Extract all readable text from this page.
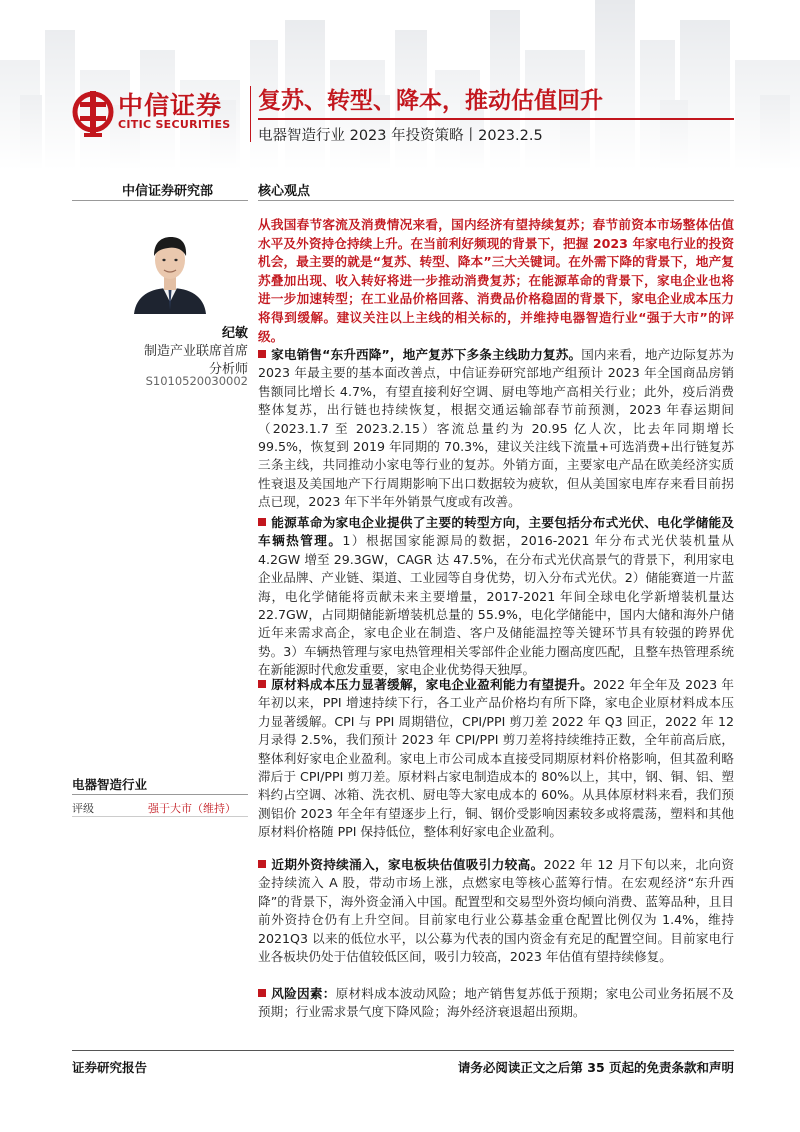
中信证券
CITIC SECURITIES
复苏、转型、降本，推动估值回升
电器智造行业 2023 年投资策略丨2023.2.5
中信证券研究部	核心观点
纪敏
制造产业联席首席
分析师
S1010520030002

从我国春节客流及消费情况来看，国内经济有望持续复苏；春节前资本市场整体估值水平及外资持仓持续上升。在当前利好频现的背景下，把握 2023 年家电行业的投资机会，最主要的就是“复苏、转型、降本”三大关键词。在外需下降的背景下，地产复苏叠加出现、收入转好将进一步推动消费复苏；在能源革命的背景下，家电企业也将进一步加速转型；在工业品价格回落、消费品价格稳固的背景下，家电企业成本压力将得到缓解。建议关注以上主线的相关标的，并维持电器智造行业“强于大市”的评级。

家电销售“东升西降”，地产复苏下多条主线助力复苏。国内来看，地产边际复苏为 2023 年最主要的基本面改善点，中信证券研究部地产组预计 2023 年全国商品房销售额同比增长 4.7%，有望直接利好空调、厨电等地产高相关行业；此外，疫后消费整体复苏，出行链也持续恢复，根据交通运输部春节前预测，2023 年春运期间（2023.1.7 至 2023.2.15）客流总量约为 20.95 亿人次，比去年同期增长 99.5%，恢复到 2019 年同期的 70.3%，建议关注线下流量+可选消费+出行链复苏三条主线，共同推动小家电等行业的复苏。外销方面，主要家电产品在欧美经济实质性衰退及美国地产下行周期影响下出口数据较为疲软，但从美国家电库存来看目前拐点已现，2023 年下半年外销景气度或有改善。

能源革命为家电企业提供了主要的转型方向，主要包括分布式光伏、电化学储能及车辆热管理。1）根据国家能源局的数据，2016-2021 年分布式光伏装机量从 4.2GW 增至 29.3GW，CAGR 达 47.5%，在分布式光伏高景气的背景下，利用家电企业品牌、产业链、渠道、工业园等自身优势，切入分布式光伏。2）储能赛道一片蓝海，电化学储能将贡献未来主要增量，2017-2021 年间全球电化学新增装机量达 22.7GW，占同期储能新增装机总量的 55.9%，电化学储能中，国内大储和海外户储近年来需求高企，家电企业在制造、客户及储能温控等关键环节具有较强的跨界优势。3）车辆热管理与家电热管理相关零部件企业能力圈高度匹配，且整车热管理系统在新能源时代愈发重要，家电企业优势得天独厚。

原材料成本压力显著缓解，家电企业盈利能力有望提升。2022 年全年及 2023 年年初以来，PPI 增速持续下行，各工业产品价格均有所下降，家电企业原材料成本压力显著缓解。CPI 与 PPI 周期错位，CPI/PPI 剪刀差 2022 年 Q3 回正，2022 年 12 月录得 2.5%，我们预计 2023 年 CPI/PPI 剪刀差将持续维持正数，全年前高后底，整体利好家电企业盈利。家电上市公司成本直接受同期原材料价格影响，但其盈利略滞后于 CPI/PPI 剪刀差。原材料占家电制造成本的 80%以上，其中，钢、铜、铝、塑料约占空调、冰箱、洗衣机、厨电等大家电成本的 60%。从具体原材料来看，我们预测铝价 2023 年全年有望逐步上行，铜、钢价受影响因素较多或将震荡，塑料和其他原材料价格随 PPI 保持低位，整体利好家电企业盈利。

近期外资持续涌入，家电板块估值吸引力较高。2022 年 12 月下旬以来，北向资金持续流入 A 股，带动市场上涨，点燃家电等核心蓝筹行情。在宏观经济“东升西降”的背景下，海外资金涌入中国。配置型和交易型外资均倾向消费、蓝筹品种，且目前外资持仓仍有上升空间。目前家电行业公募基金重仓配置比例仅为 1.4%，维持 2021Q3 以来的低位水平，以公募为代表的国内资金有充足的配置空间。目前家电行业各板块仍处于估值较低区间，吸引力较高，2023 年估值有望持续修复。

风险因素：原材料成本波动风险；地产销售复苏低于预期；家电公司业务拓展不及预期；行业需求景气度下降风险；海外经济衰退超出预期。

电器智造行业
评级	强于大市（维持）
证券研究报告	请务必阅读正文之后第 35 页起的免责条款和声明
